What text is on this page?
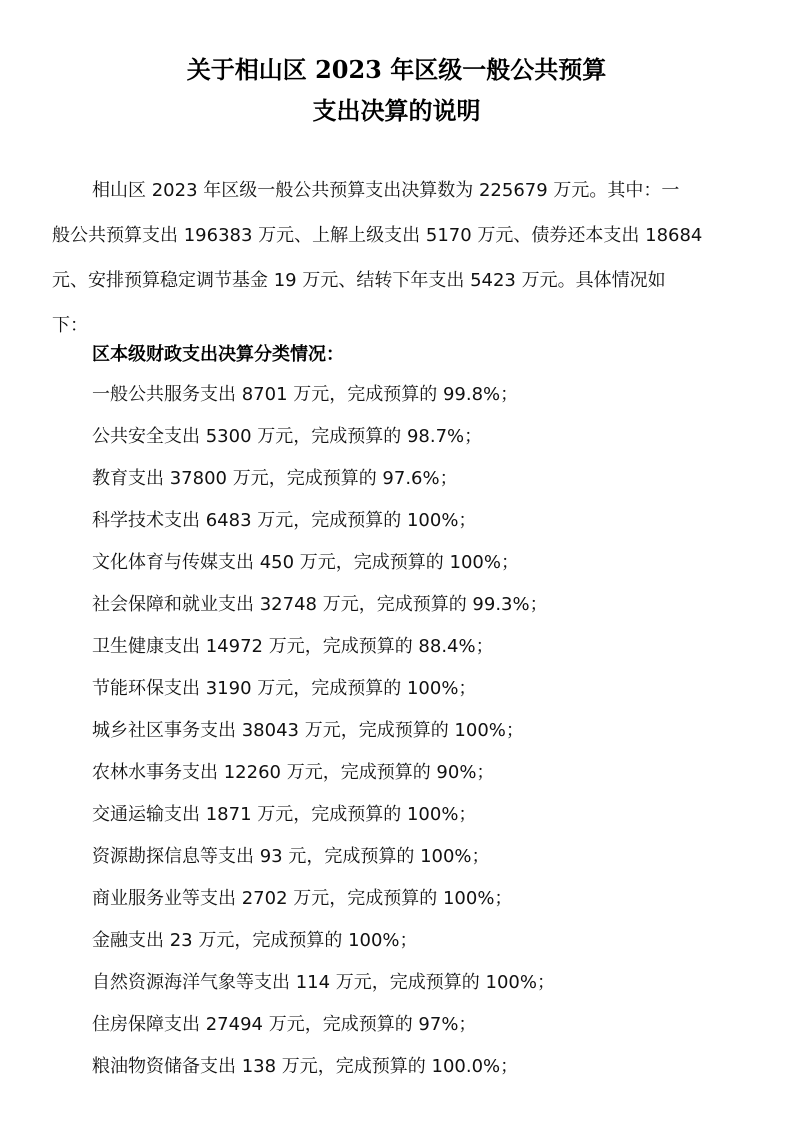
关于相山区 2023 年区级一般公共预算
支出决算的说明
相山区 2023 年区级一般公共预算支出决算数为 225679 万元。其中：一
般公共预算支出 196383 万元、上解上级支出 5170 万元、债券还本支出 18684
元、安排预算稳定调节基金 19 万元、结转下年支出 5423 万元。具体情况如
下：
区本级财政支出决算分类情况：
一般公共服务支出 8701 万元，完成预算的 99.8%；
公共安全支出 5300 万元，完成预算的 98.7%；
教育支出 37800 万元，完成预算的 97.6%；
科学技术支出 6483 万元，完成预算的 100%；
文化体育与传媒支出 450 万元，完成预算的 100%；
社会保障和就业支出 32748 万元，完成预算的 99.3%；
卫生健康支出 14972 万元，完成预算的 88.4%；
节能环保支出 3190 万元，完成预算的 100%；
城乡社区事务支出 38043 万元，完成预算的 100%；
农林水事务支出 12260 万元，完成预算的 90%；
交通运输支出 1871 万元，完成预算的 100%；
资源勘探信息等支出 93 元，完成预算的 100%；
商业服务业等支出 2702 万元，完成预算的 100%；
金融支出 23 万元，完成预算的 100%；
自然资源海洋气象等支出 114 万元，完成预算的 100%；
住房保障支出 27494 万元，完成预算的 97%；
粮油物资储备支出 138 万元，完成预算的 100.0%；
